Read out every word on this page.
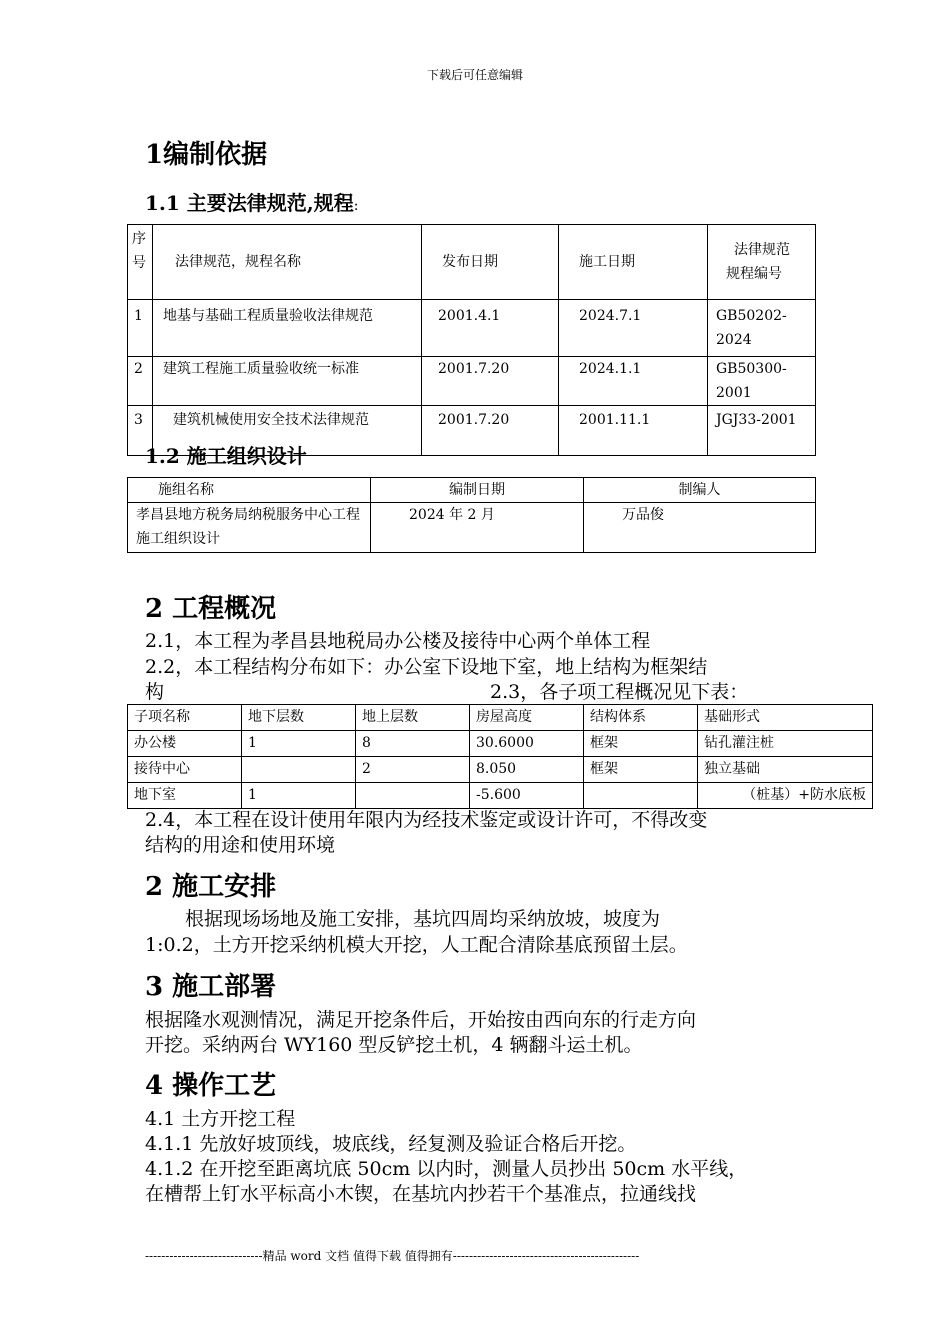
下载后可任意编辑
1编制依据
1.1 主要法律规范,规程:
序号	法律规范，规程名称	发布日期	施工日期	法律规范
规程编号

1	地基与基础工程质量验收法律规范	2001.4.1	2024.7.1	GB50202-2024
2	建筑工程施工质量验收统一标准	2001.7.20	2024.1.1	GB50300-2001
3	建筑机械使用安全技术法律规范	2001.7.20	2001.11.1	JGJ33-2001
1.2 施工组织设计
施组名称	编制日期	制编人
孝昌县地方税务局纳税服务中心工程施工组织设计	2024 年 2 月	万品俊
2 工程概况
2.1，本工程为孝昌县地税局办公楼及接待中心两个单体工程
2.2，本工程结构分布如下：办公室下设地下室，地上结构为框架结
构	2.3，各子项工程概况见下表：
子项名称	地下层数	地上层数	房屋高度	结构体系	基础形式
办公楼	1	8	30.6000	框架	钻孔灌注桩
接待中心		2	8.050	框架	独立基础
地下室	1		-5.600		（桩基）+防水底板
2.4，本工程在设计使用年限内为经技术鉴定或设计许可，不得改变
结构的用途和使用环境
2 施工安排
根据现场场地及施工安排，基坑四周均采纳放坡，坡度为
1:0.2，土方开挖采纳机模大开挖，人工配合清除基底预留土层。
3 施工部署
根据隆水观测情况，满足开挖条件后，开始按由西向东的行走方向
开挖。采纳两台 WY160 型反铲挖土机，4 辆翻斗运土机。
4 操作工艺
4.1 土方开挖工程
4.1.1 先放好坡顶线，坡底线，经复测及验证合格后开挖。
4.1.2 在开挖至距离坑底 50cm 以内时，测量人员抄出 50cm 水平线，
在槽帮上钉水平标高小木锲，在基坑内抄若干个基准点，拉通线找
-----------------------------精品 word 文档 值得下载 值得拥有----------------------------------------------
